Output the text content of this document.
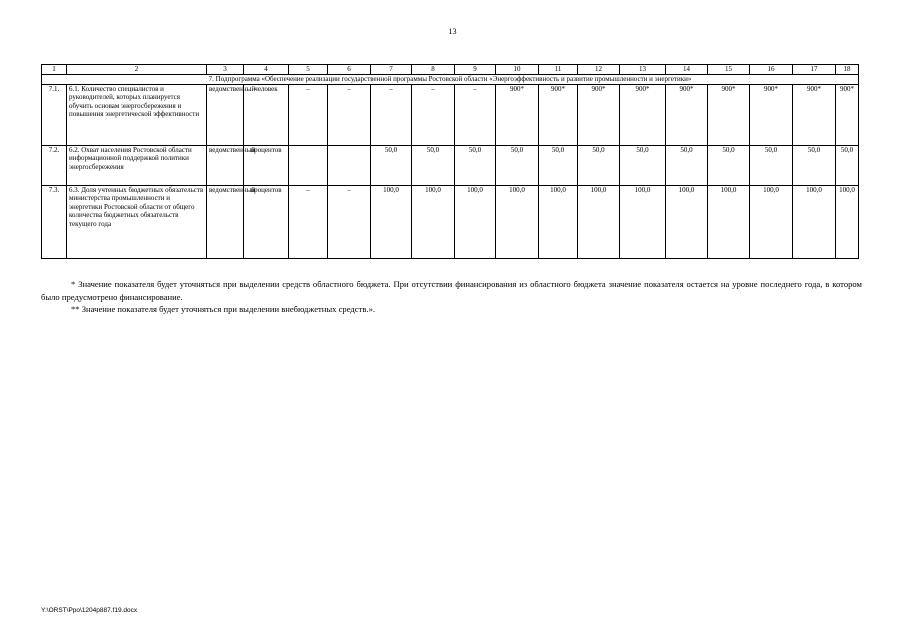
13
1	2	3	4	5	6	7	8	9	10	11	12	13	14	15	16	17	18
7. Подпрограмма «Обеспечение реализации государственной программы Ростовской области «Энергоэффективность и развитие промышленности и энергетики»																	
7.1.	6.1. Количество специалистов и руководителей, которых планируется обучить основам энергосбережения и повышения энергетической эффективности	ведомственный	человек	–	–	–	–	–	900*	900*	900*	900*	900*	900*	900*	900*	900*
7.2.	6.2. Охват населения Ростовской области информационной поддержкой политики энергосбережения	ведомственный	процентов			50,0	50,0	50,0	50,0	50,0	50,0	50,0	50,0	50,0	50,0	50,0	50,0
7.3.	6.3. Доля учтенных бюджетных обязательств министерства промышленности и энергетики Ростовской области от общего количества бюджетных обязательств текущего года	ведомственный	процентов	–	–	100,0	100,0	100,0	100,0	100,0	100,0	100,0	100,0	100,0	100,0	100,0	100,0

* Значение показателя будет уточняться при выделении средств областного бюджета. При отсутствии финансирования из областного бюджета значение показателя остается на уровне последнего года, в котором было предусмотрено финансирование.

** Значение показателя будет уточняться при выделении внебюджетных средств.».

Y:\ORST\Ppo\1204p887.f19.docx
